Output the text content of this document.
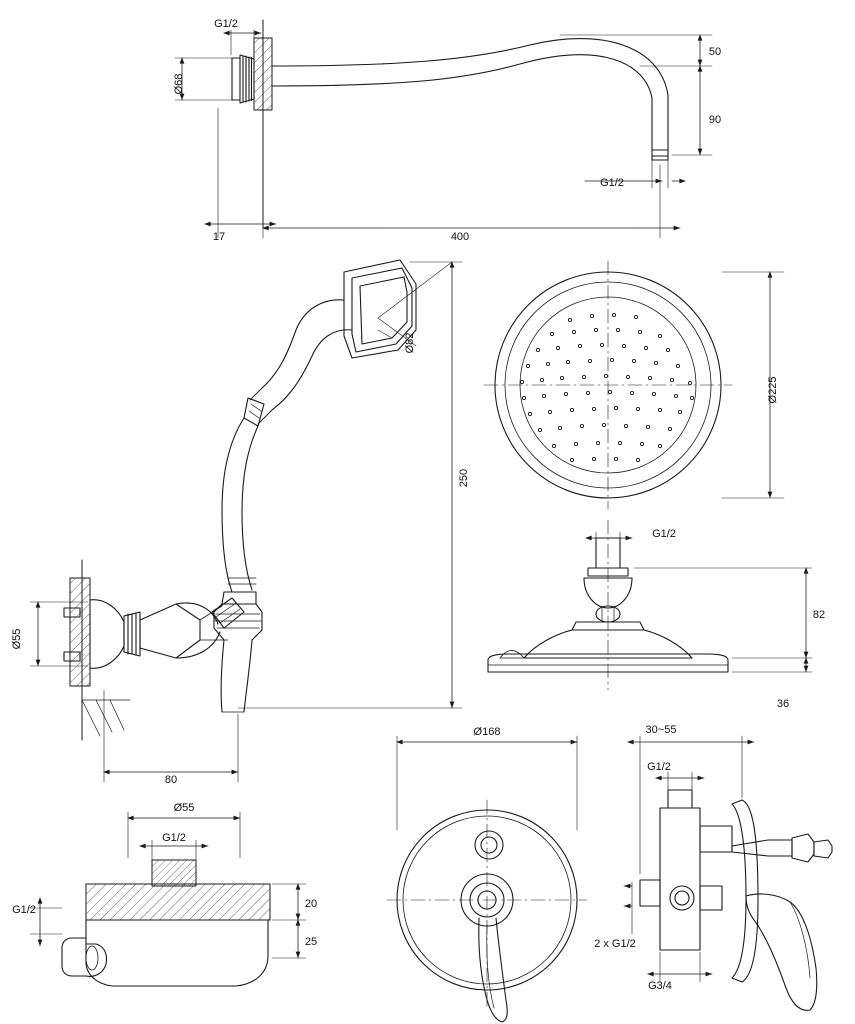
G1/2
Ø68
17	400
50
90
G1/2
Ø82
250
Ø55
80
Ø225
G1/2
82
36
Ø55
G1/2
G1/2	20
25
Ø168	30~55
G1/2
2 x G1/2
G3/4
